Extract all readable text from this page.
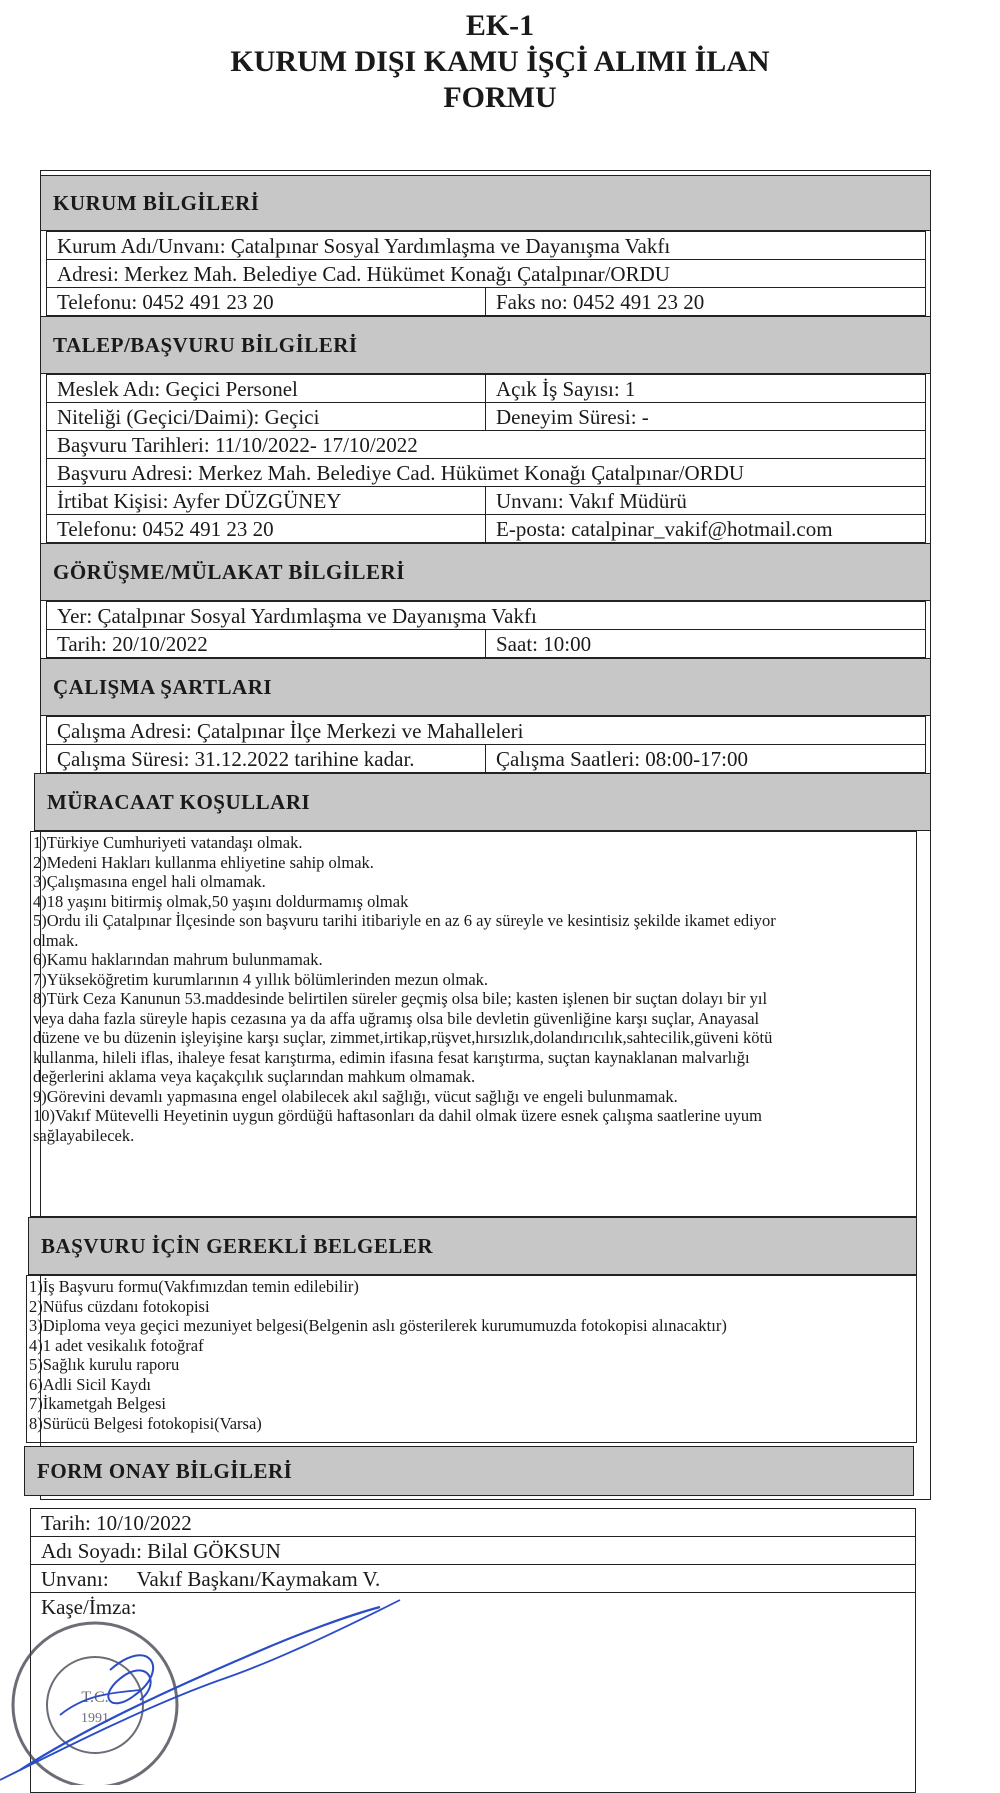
EK-1
KURUM DIŞI KAMU İŞÇİ ALIMI İLAN
FORMU
KURUM BİLGİLERİ
Kurum Adı/Unvanı: Çatalpınar Sosyal Yardımlaşma ve Dayanışma Vakfı
Adresi: Merkez Mah. Belediye Cad. Hükümet Konağı Çatalpınar/ORDU
Telefonu: 0452 491 23 20	Faks no: 0452 491 23 20
TALEP/BAŞVURU BİLGİLERİ
Meslek Adı: Geçici Personel	Açık İş Sayısı: 1
Niteliği (Geçici/Daimi): Geçici	Deneyim Süresi: -
Başvuru Tarihleri: 11/10/2022- 17/10/2022
Başvuru Adresi: Merkez Mah. Belediye Cad. Hükümet Konağı Çatalpınar/ORDU
İrtibat Kişisi: Ayfer DÜZGÜNEY	Unvanı: Vakıf Müdürü
Telefonu: 0452 491 23 20	E-posta: catalpinar_vakif@hotmail.com
GÖRÜŞME/MÜLAKAT BİLGİLERİ
Yer: Çatalpınar Sosyal Yardımlaşma ve Dayanışma Vakfı
Tarih: 20/10/2022	Saat: 10:00
ÇALIŞMA ŞARTLARI
Çalışma Adresi: Çatalpınar İlçe Merkezi ve Mahalleleri
Çalışma Süresi: 31.12.2022 tarihine kadar.	Çalışma Saatleri: 08:00-17:00
MÜRACAAT KOŞULLARI
1)Türkiye Cumhuriyeti vatandaşı olmak.
2)Medeni Hakları kullanma ehliyetine sahip olmak.
3)Çalışmasına engel hali olmamak.
4)18 yaşını bitirmiş olmak,50 yaşını doldurmamış olmak
5)Ordu ili Çatalpınar İlçesinde son başvuru tarihi itibariyle en az 6 ay süreyle ve kesintisiz şekilde ikamet ediyor
olmak.
6)Kamu haklarından mahrum bulunmamak.
7)Yükseköğretim kurumlarının 4 yıllık bölümlerinden mezun olmak.
8)Türk Ceza Kanunun 53.maddesinde belirtilen süreler geçmiş olsa bile; kasten işlenen bir suçtan dolayı bir yıl
veya daha fazla süreyle hapis cezasına ya da affa uğramış olsa bile devletin güvenliğine karşı suçlar, Anayasal
düzene ve bu düzenin işleyişine karşı suçlar, zimmet,irtikap,rüşvet,hırsızlık,dolandırıcılık,sahtecilik,güveni kötü
kullanma, hileli iflas, ihaleye fesat karıştırma, edimin ifasına fesat karıştırma, suçtan kaynaklanan malvarlığı
değerlerini aklama veya kaçakçılık suçlarından mahkum olmamak.
9)Görevini devamlı yapmasına engel olabilecek akıl sağlığı, vücut sağlığı ve engeli bulunmamak.
10)Vakıf Mütevelli Heyetinin uygun gördüğü haftasonları da dahil olmak üzere esnek çalışma saatlerine uyum
sağlayabilecek.
BAŞVURU İÇİN GEREKLİ BELGELER
1)İş Başvuru formu(Vakfımızdan temin edilebilir)
2)Nüfus cüzdanı fotokopisi
3)Diploma veya geçici mezuniyet belgesi(Belgenin aslı gösterilerek kurumumuzda fotokopisi alınacaktır)
4)1 adet vesikalık fotoğraf
5)Sağlık kurulu raporu
6)Adli Sicil Kaydı
7)İkametgah Belgesi
8)Sürücü Belgesi fotokopisi(Varsa)
FORM ONAY BİLGİLERİ
Tarih: 10/10/2022
Adı Soyadı: Bilal GÖKSUN
Unvanı: Vakıf Başkanı/Kaymakam V.
Kaşe/İmza:
T.C.
1991
